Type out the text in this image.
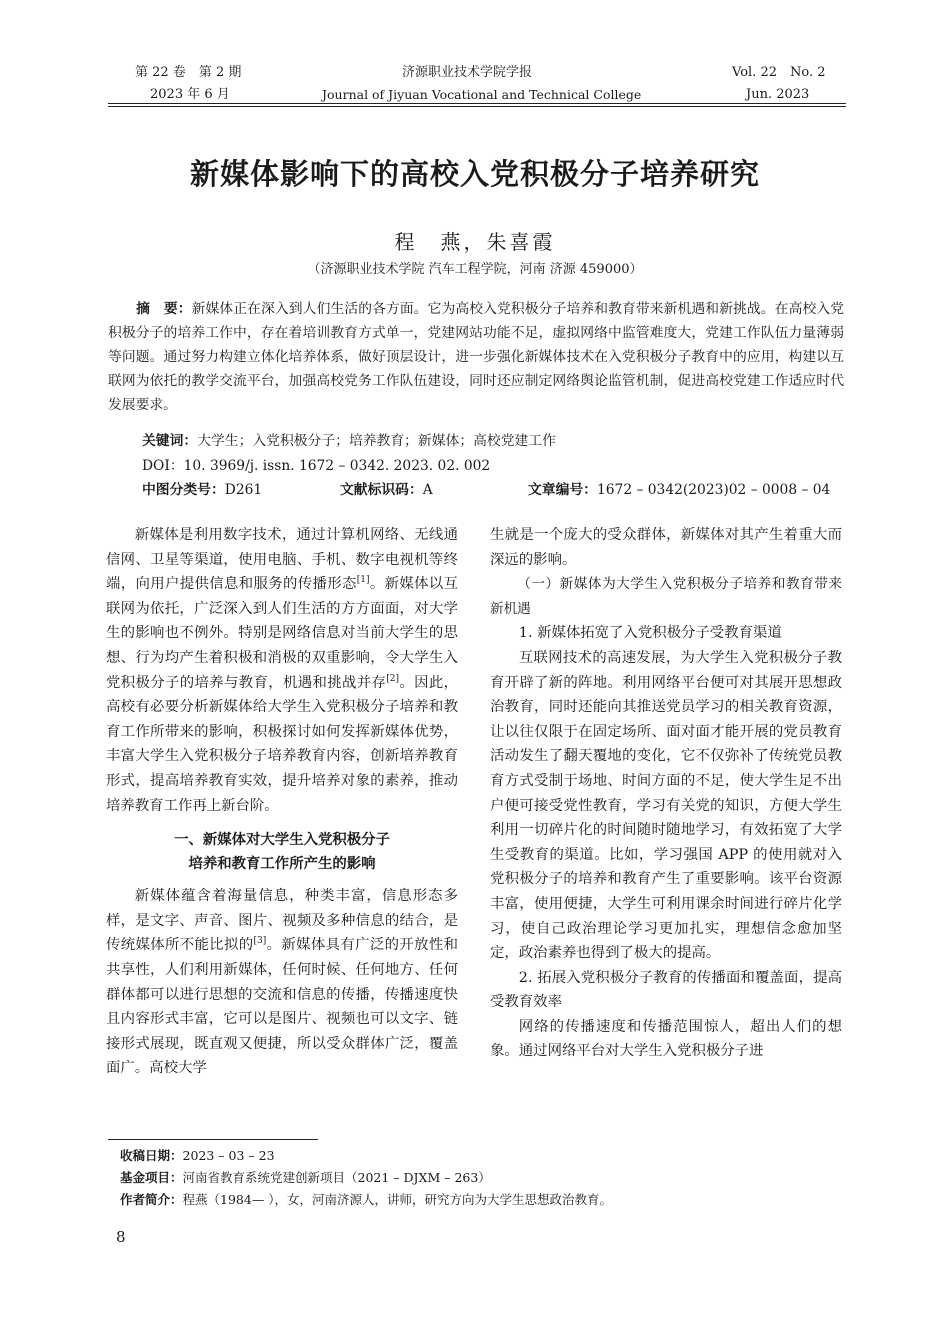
第 22 卷　第 2 期
2023 年 6 月
济源职业技术学院学报
Journal of Jiyuan Vocational and Technical College
Vol. 22　No. 2
Jun. 2023
新媒体影响下的高校入党积极分子培养研究
程　燕，朱喜霞
（济源职业技术学院 汽车工程学院，河南 济源 459000）
摘　要：新媒体正在深入到人们生活的各方面。它为高校入党积极分子培养和教育带来新机遇和新挑战。在高校入党积极分子的培养工作中，存在着培训教育方式单一，党建网站功能不足，虚拟网络中监管难度大，党建工作队伍力量薄弱等问题。通过努力构建立体化培养体系，做好顶层设计，进一步强化新媒体技术在入党积极分子教育中的应用，构建以互联网为依托的教学交流平台，加强高校党务工作队伍建设，同时还应制定网络舆论监管机制，促进高校党建工作适应时代发展要求。
关键词：大学生；入党积极分子；培养教育；新媒体；高校党建工作
DOI：10. 3969/j. issn. 1672 – 0342. 2023. 02. 002
中图分类号：D261	文献标识码：A	文章编号：1672 – 0342(2023)02 – 0008 – 04

新媒体是利用数字技术，通过计算机网络、无线通信网、卫星等渠道，使用电脑、手机、数字电视机等终端，向用户提供信息和服务的传播形态[1]。新媒体以互联网为依托，广泛深入到人们生活的方方面面，对大学生的影响也不例外。特别是网络信息对当前大学生的思想、行为均产生着积极和消极的双重影响，令大学生入党积极分子的培养与教育，机遇和挑战并存[2]。因此，高校有必要分析新媒体给大学生入党积极分子培养和教育工作所带来的影响，积极探讨如何发挥新媒体优势，丰富大学生入党积极分子培养教育内容，创新培养教育形式，提高培养教育实效，提升培养对象的素养，推动培养教育工作再上新台阶。

一、新媒体对大学生入党积极分子
培养和教育工作所产生的影响

新媒体蕴含着海量信息，种类丰富，信息形态多样，是文字、声音、图片、视频及多种信息的结合，是传统媒体所不能比拟的[3]。新媒体具有广泛的开放性和共享性，人们利用新媒体，任何时候、任何地方、任何群体都可以进行思想的交流和信息的传播，传播速度快且内容形式丰富，它可以是图片、视频也可以文字、链接形式展现，既直观又便捷，所以受众群体广泛，覆盖面广。高校大学

生就是一个庞大的受众群体，新媒体对其产生着重大而深远的影响。

（一）新媒体为大学生入党积极分子培养和教育带来新机遇

1. 新媒体拓宽了入党积极分子受教育渠道

互联网技术的高速发展，为大学生入党积极分子教育开辟了新的阵地。利用网络平台便可对其展开思想政治教育，同时还能向其推送党员学习的相关教育资源，让以往仅限于在固定场所、面对面才能开展的党员教育活动发生了翻天覆地的变化，它不仅弥补了传统党员教育方式受制于场地、时间方面的不足，使大学生足不出户便可接受党性教育，学习有关党的知识，方便大学生利用一切碎片化的时间随时随地学习，有效拓宽了大学生受教育的渠道。比如，学习强国 APP 的使用就对入党积极分子的培养和教育产生了重要影响。该平台资源丰富，使用便捷，大学生可利用课余时间进行碎片化学习，使自己政治理论学习更加扎实，理想信念愈加坚定，政治素养也得到了极大的提高。

2. 拓展入党积极分子教育的传播面和覆盖面，提高受教育效率

网络的传播速度和传播范围惊人，超出人们的想象。通过网络平台对大学生入党积极分子进

收稿日期：2023 – 03 – 23
基金项目：河南省教育系统党建创新项目（2021 – DJXM – 263）
作者简介：程燕（1984— ），女，河南济源人，讲师，研究方向为大学生思想政治教育。
8
